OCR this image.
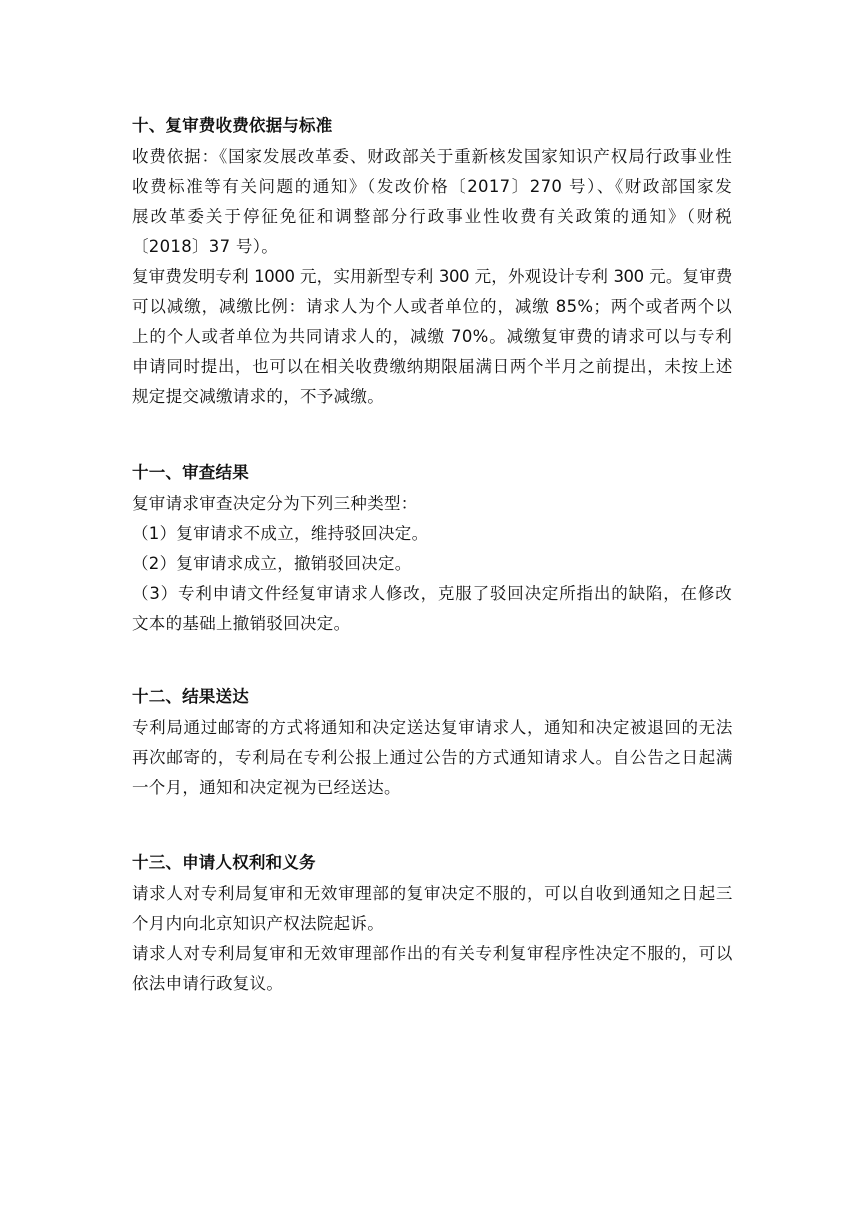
十、复审费收费依据与标准
收费依据：《国家发展改革委、财政部关于重新核发国家知识产权局行政事业性
收费标准等有关问题的通知》（发改价格〔2017〕270 号）、《财政部国家发
展改革委关于停征免征和调整部分行政事业性收费有关政策的通知》（财税
〔2018〕37 号）。
复审费发明专利 1000 元，实用新型专利 300 元，外观设计专利 300 元。复审费
可以减缴，减缴比例：请求人为个人或者单位的，减缴 85%；两个或者两个以
上的个人或者单位为共同请求人的，减缴 70%。减缴复审费的请求可以与专利
申请同时提出，也可以在相关收费缴纳期限届满日两个半月之前提出，未按上述
规定提交减缴请求的，不予减缴。
十一、审查结果
复审请求审查决定分为下列三种类型：
（1）复审请求不成立，维持驳回决定。
（2）复审请求成立，撤销驳回决定。
（3）专利申请文件经复审请求人修改，克服了驳回决定所指出的缺陷，在修改
文本的基础上撤销驳回决定。
十二、结果送达
专利局通过邮寄的方式将通知和决定送达复审请求人，通知和决定被退回的无法
再次邮寄的，专利局在专利公报上通过公告的方式通知请求人。自公告之日起满
一个月，通知和决定视为已经送达。
十三、申请人权利和义务
请求人对专利局复审和无效审理部的复审决定不服的，可以自收到通知之日起三
个月内向北京知识产权法院起诉。
请求人对专利局复审和无效审理部作出的有关专利复审程序性决定不服的，可以
依法申请行政复议。
